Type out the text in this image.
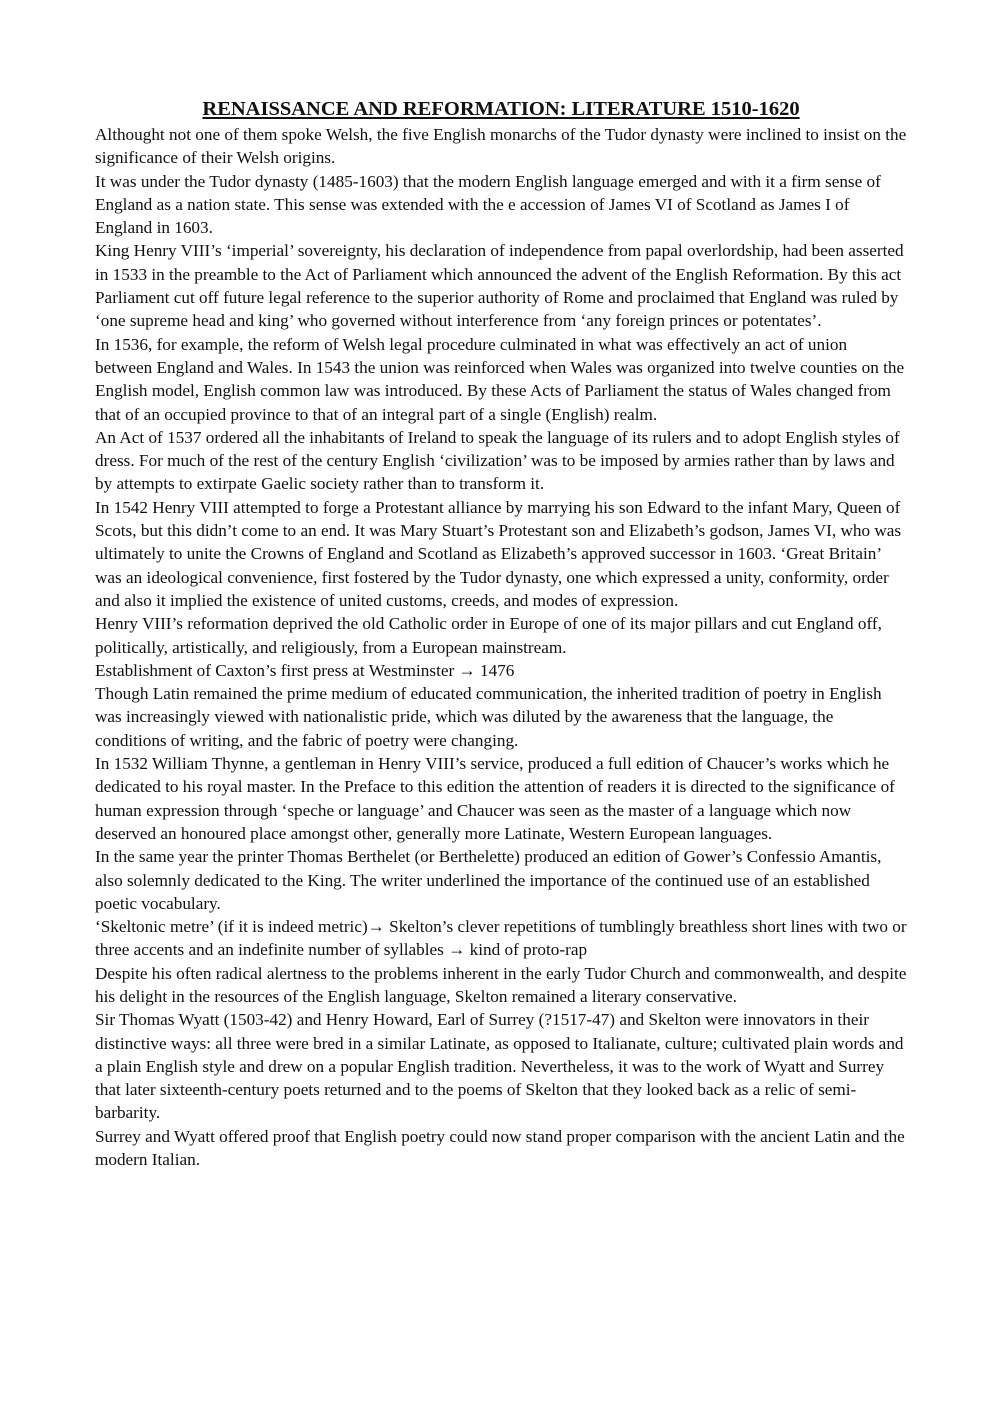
RENAISSANCE AND REFORMATION: LITERATURE 1510-1620

Althought not one of them spoke Welsh, the five English monarchs of the Tudor dynasty were inclined to insist on the significance of their Welsh origins.

It was under the Tudor dynasty (1485-1603) that the modern English language emerged and with it a firm sense of England as a nation state. This sense was extended with the e accession of James VI of Scotland as James I of England in 1603.

King Henry VIII’s ‘imperial’ sovereignty, his declaration of independence from papal overlordship, had been asserted in 1533 in the preamble to the Act of Parliament which announced the advent of the English Reformation. By this act Parliament cut off future legal reference to the superior authority of Rome and proclaimed that England was ruled by ‘one supreme head and king’ who governed without interference from ‘any foreign princes or potentates’.

In 1536, for example, the reform of Welsh legal procedure culminated in what was effectively an act of union between England and Wales. In 1543 the union was reinforced when Wales was organized into twelve counties on the English model, English common law was introduced. By these Acts of Parliament the status of Wales changed from that of an occupied province to that of an integral part of a single (English) realm.

An Act of 1537 ordered all the inhabitants of Ireland to speak the language of its rulers and to adopt English styles of dress. For much of the rest of the century English ‘civilization’ was to be imposed by armies rather than by laws and by attempts to extirpate Gaelic society rather than to transform it.

In 1542 Henry VIII attempted to forge a Protestant alliance by marrying his son Edward to the infant Mary, Queen of Scots, but this didn’t come to an end. It was Mary Stuart’s Protestant son and Elizabeth’s godson, James VI, who was ultimately to unite the Crowns of England and Scotland as Elizabeth’s approved successor in 1603. ‘Great Britain’ was an ideological convenience, first fostered by the Tudor dynasty, one which expressed a unity, conformity, order and also it implied the existence of united customs, creeds, and modes of expression.

Henry VIII’s reformation deprived the old Catholic order in Europe of one of its major pillars and cut England off, politically, artistically, and religiously, from a European mainstream.

Establishment of Caxton’s first press at Westminster → 1476

Though Latin remained the prime medium of educated communication, the inherited tradition of poetry in English was increasingly viewed with nationalistic pride, which was diluted by the awareness that the language, the conditions of writing, and the fabric of poetry were changing.

In 1532 William Thynne, a gentleman in Henry VIII’s service, produced a full edition of Chaucer’s works which he dedicated to his royal master. In the Preface to this edition the attention of readers it is directed to the significance of human expression through ‘speche or language’ and Chaucer was seen as the master of a language which now deserved an honoured place amongst other, generally more Latinate, Western European languages.

In the same year the printer Thomas Berthelet (or Berthelette) produced an edition of Gower’s Confessio Amantis, also solemnly dedicated to the King. The writer underlined the importance of the continued use of an established poetic vocabulary.

‘Skeltonic metre’ (if it is indeed metric)→ Skelton’s clever repetitions of tumblingly breathless short lines with two or three accents and an indefinite number of syllables → kind of proto-rap

Despite his often radical alertness to the problems inherent in the early Tudor Church and commonwealth, and despite his delight in the resources of the English language, Skelton remained a literary conservative.

Sir Thomas Wyatt (1503-42) and Henry Howard, Earl of Surrey (?1517-47) and Skelton were innovators in their distinctive ways: all three were bred in a similar Latinate, as opposed to Italianate, culture; cultivated plain words and a plain English style and drew on a popular English tradition. Nevertheless, it was to the work of Wyatt and Surrey that later sixteenth-century poets returned and to the poems of Skelton that they looked back as a relic of semi-barbarity.

Surrey and Wyatt offered proof that English poetry could now stand proper comparison with the ancient Latin and the modern Italian.
